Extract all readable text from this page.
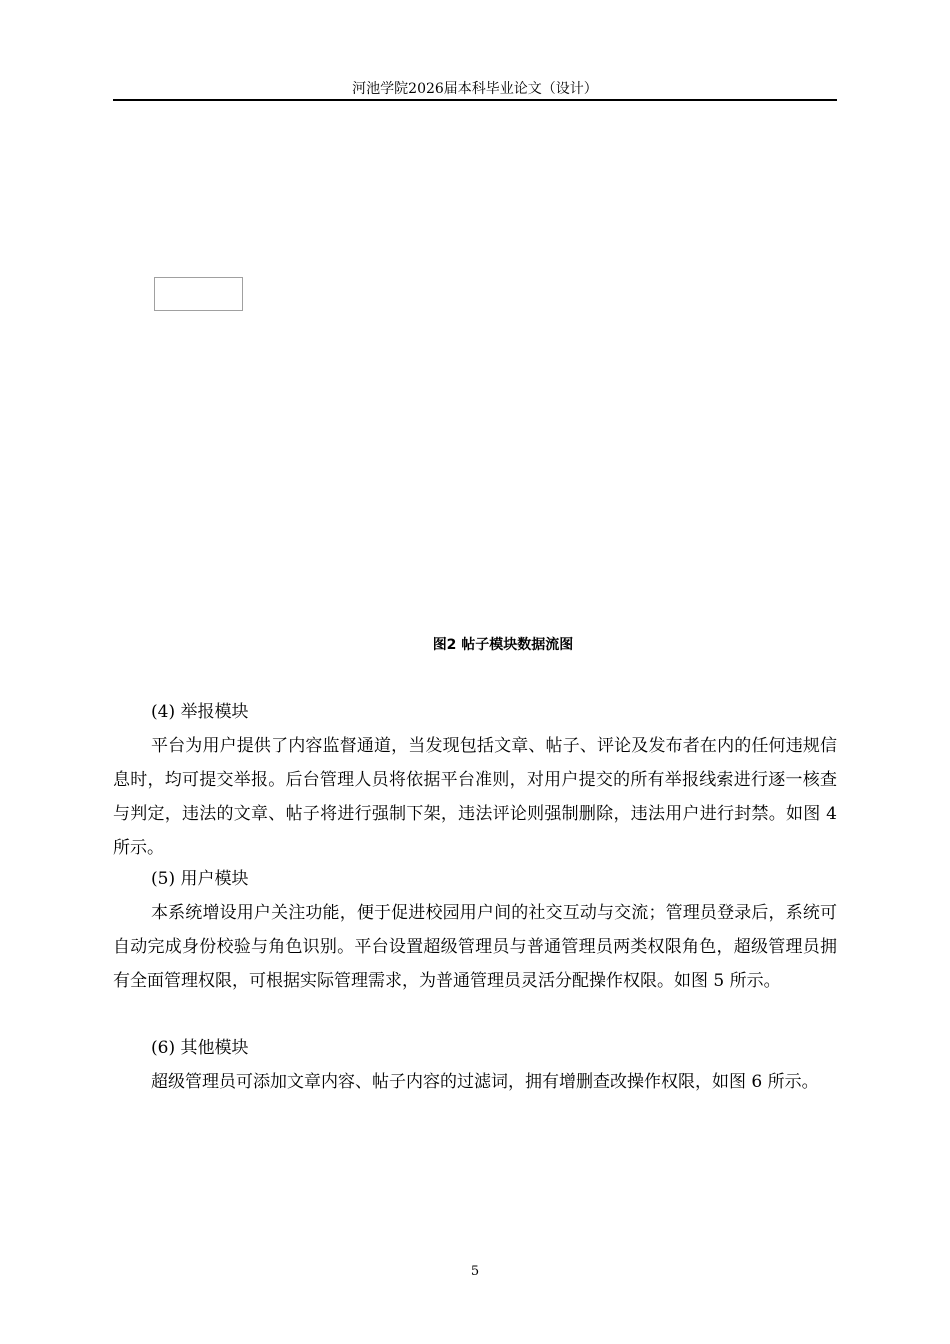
河池学院2026届本科毕业论文（设计）
图2 帖子模块数据流图
(4) 举报模块
平台为用户提供了内容监督通道，当发现包括文章、帖子、评论及发布者在内的任何违规信息时，均可提交举报。后台管理人员将依据平台准则，对用户提交的所有举报线索进行逐一核查与判定，违法的文章、帖子将进行强制下架，违法评论则强制删除，违法用户进行封禁。如图 4 所示。
(5) 用户模块
本系统增设用户关注功能，便于促进校园用户间的社交互动与交流；管理员登录后，系统可自动完成身份校验与角色识别。平台设置超级管理员与普通管理员两类权限角色，超级管理员拥有全面管理权限，可根据实际管理需求，为普通管理员灵活分配操作权限。如图 5 所示。
(6) 其他模块
超级管理员可添加文章内容、帖子内容的过滤词，拥有增删查改操作权限，如图 6 所示。
5
